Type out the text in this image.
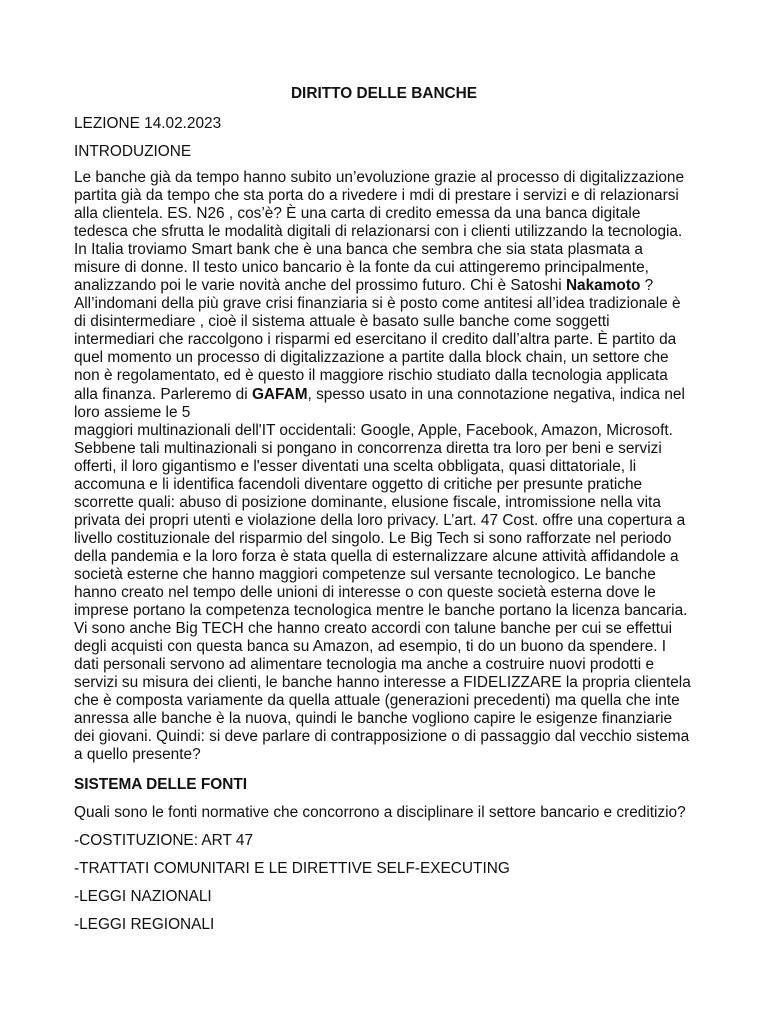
DIRITTO DELLE BANCHE
LEZIONE 14.02.2023
INTRODUZIONE
Le banche già da tempo hanno subito un’evoluzione grazie al processo di digitalizzazione
partita già da tempo che sta porta do a rivedere i mdi di prestare i servizi e di relazionarsi
alla clientela. ES. N26 , cos’è? È una carta di credito emessa da una banca digitale
tedesca che sfrutta le modalità digitali di relazionarsi con i clienti utilizzando la tecnologia.
In Italia troviamo Smart bank che è una banca che sembra che sia stata plasmata a
misure di donne. Il testo unico bancario è la fonte da cui attingeremo principalmente,
analizzando poi le varie novità anche del prossimo futuro. Chi è Satoshi Nakamoto ?
All’indomani della più grave crisi finanziaria si è posto come antitesi all’idea tradizionale è
di disintermediare , cioè il sistema attuale è basato sulle banche come soggetti
intermediari che raccolgono i risparmi ed esercitano il credito dall’altra parte. È partito da
quel momento un processo di digitalizzazione a partite dalla block chain, un settore che
non è regolamentato, ed è questo il maggiore rischio studiato dalla tecnologia applicata
alla finanza. Parleremo di GAFAM, spesso usato in una connotazione negativa, indica nel
loro assieme le 5
maggiori multinazionali dell'IT occidentali: Google, Apple, Facebook, Amazon, Microsoft.
Sebbene tali multinazionali si pongano in concorrenza diretta tra loro per beni e servizi
offerti, il loro gigantismo e l'esser diventati una scelta obbligata, quasi dittatoriale, li
accomuna e li identifica facendoli diventare oggetto di critiche per presunte pratiche
scorrette quali: abuso di posizione dominante, elusione fiscale, intromissione nella vita
privata dei propri utenti e violazione della loro privacy. L’art. 47 Cost. offre una copertura a
livello costituzionale del risparmio del singolo. Le Big Tech si sono rafforzate nel periodo
della pandemia e la loro forza è stata quella di esternalizzare alcune attività affidandole a
società esterne che hanno maggiori competenze sul versante tecnologico. Le banche
hanno creato nel tempo delle unioni di interesse o con queste società esterna dove le
imprese portano la competenza tecnologica mentre le banche portano la licenza bancaria.
Vi sono anche Big TECH che hanno creato accordi con talune banche per cui se effettui
degli acquisti con questa banca su Amazon, ad esempio, ti do un buono da spendere. I
dati personali servono ad alimentare tecnologia ma anche a costruire nuovi prodotti e
servizi su misura dei clienti, le banche hanno interesse a FIDELIZZARE la propria clientela
che è composta variamente da quella attuale (generazioni precedenti) ma quella che inte
anressa alle banche è la nuova, quindi le banche vogliono capire le esigenze finanziarie
dei giovani. Quindi: si deve parlare di contrapposizione o di passaggio dal vecchio sistema
a quello presente?
SISTEMA DELLE FONTI
Quali sono le fonti normative che concorrono a disciplinare il settore bancario e creditizio?
-COSTITUZIONE: ART 47
-TRATTATI COMUNITARI E LE DIRETTIVE SELF-EXECUTING
-LEGGI NAZIONALI
-LEGGI REGIONALI
